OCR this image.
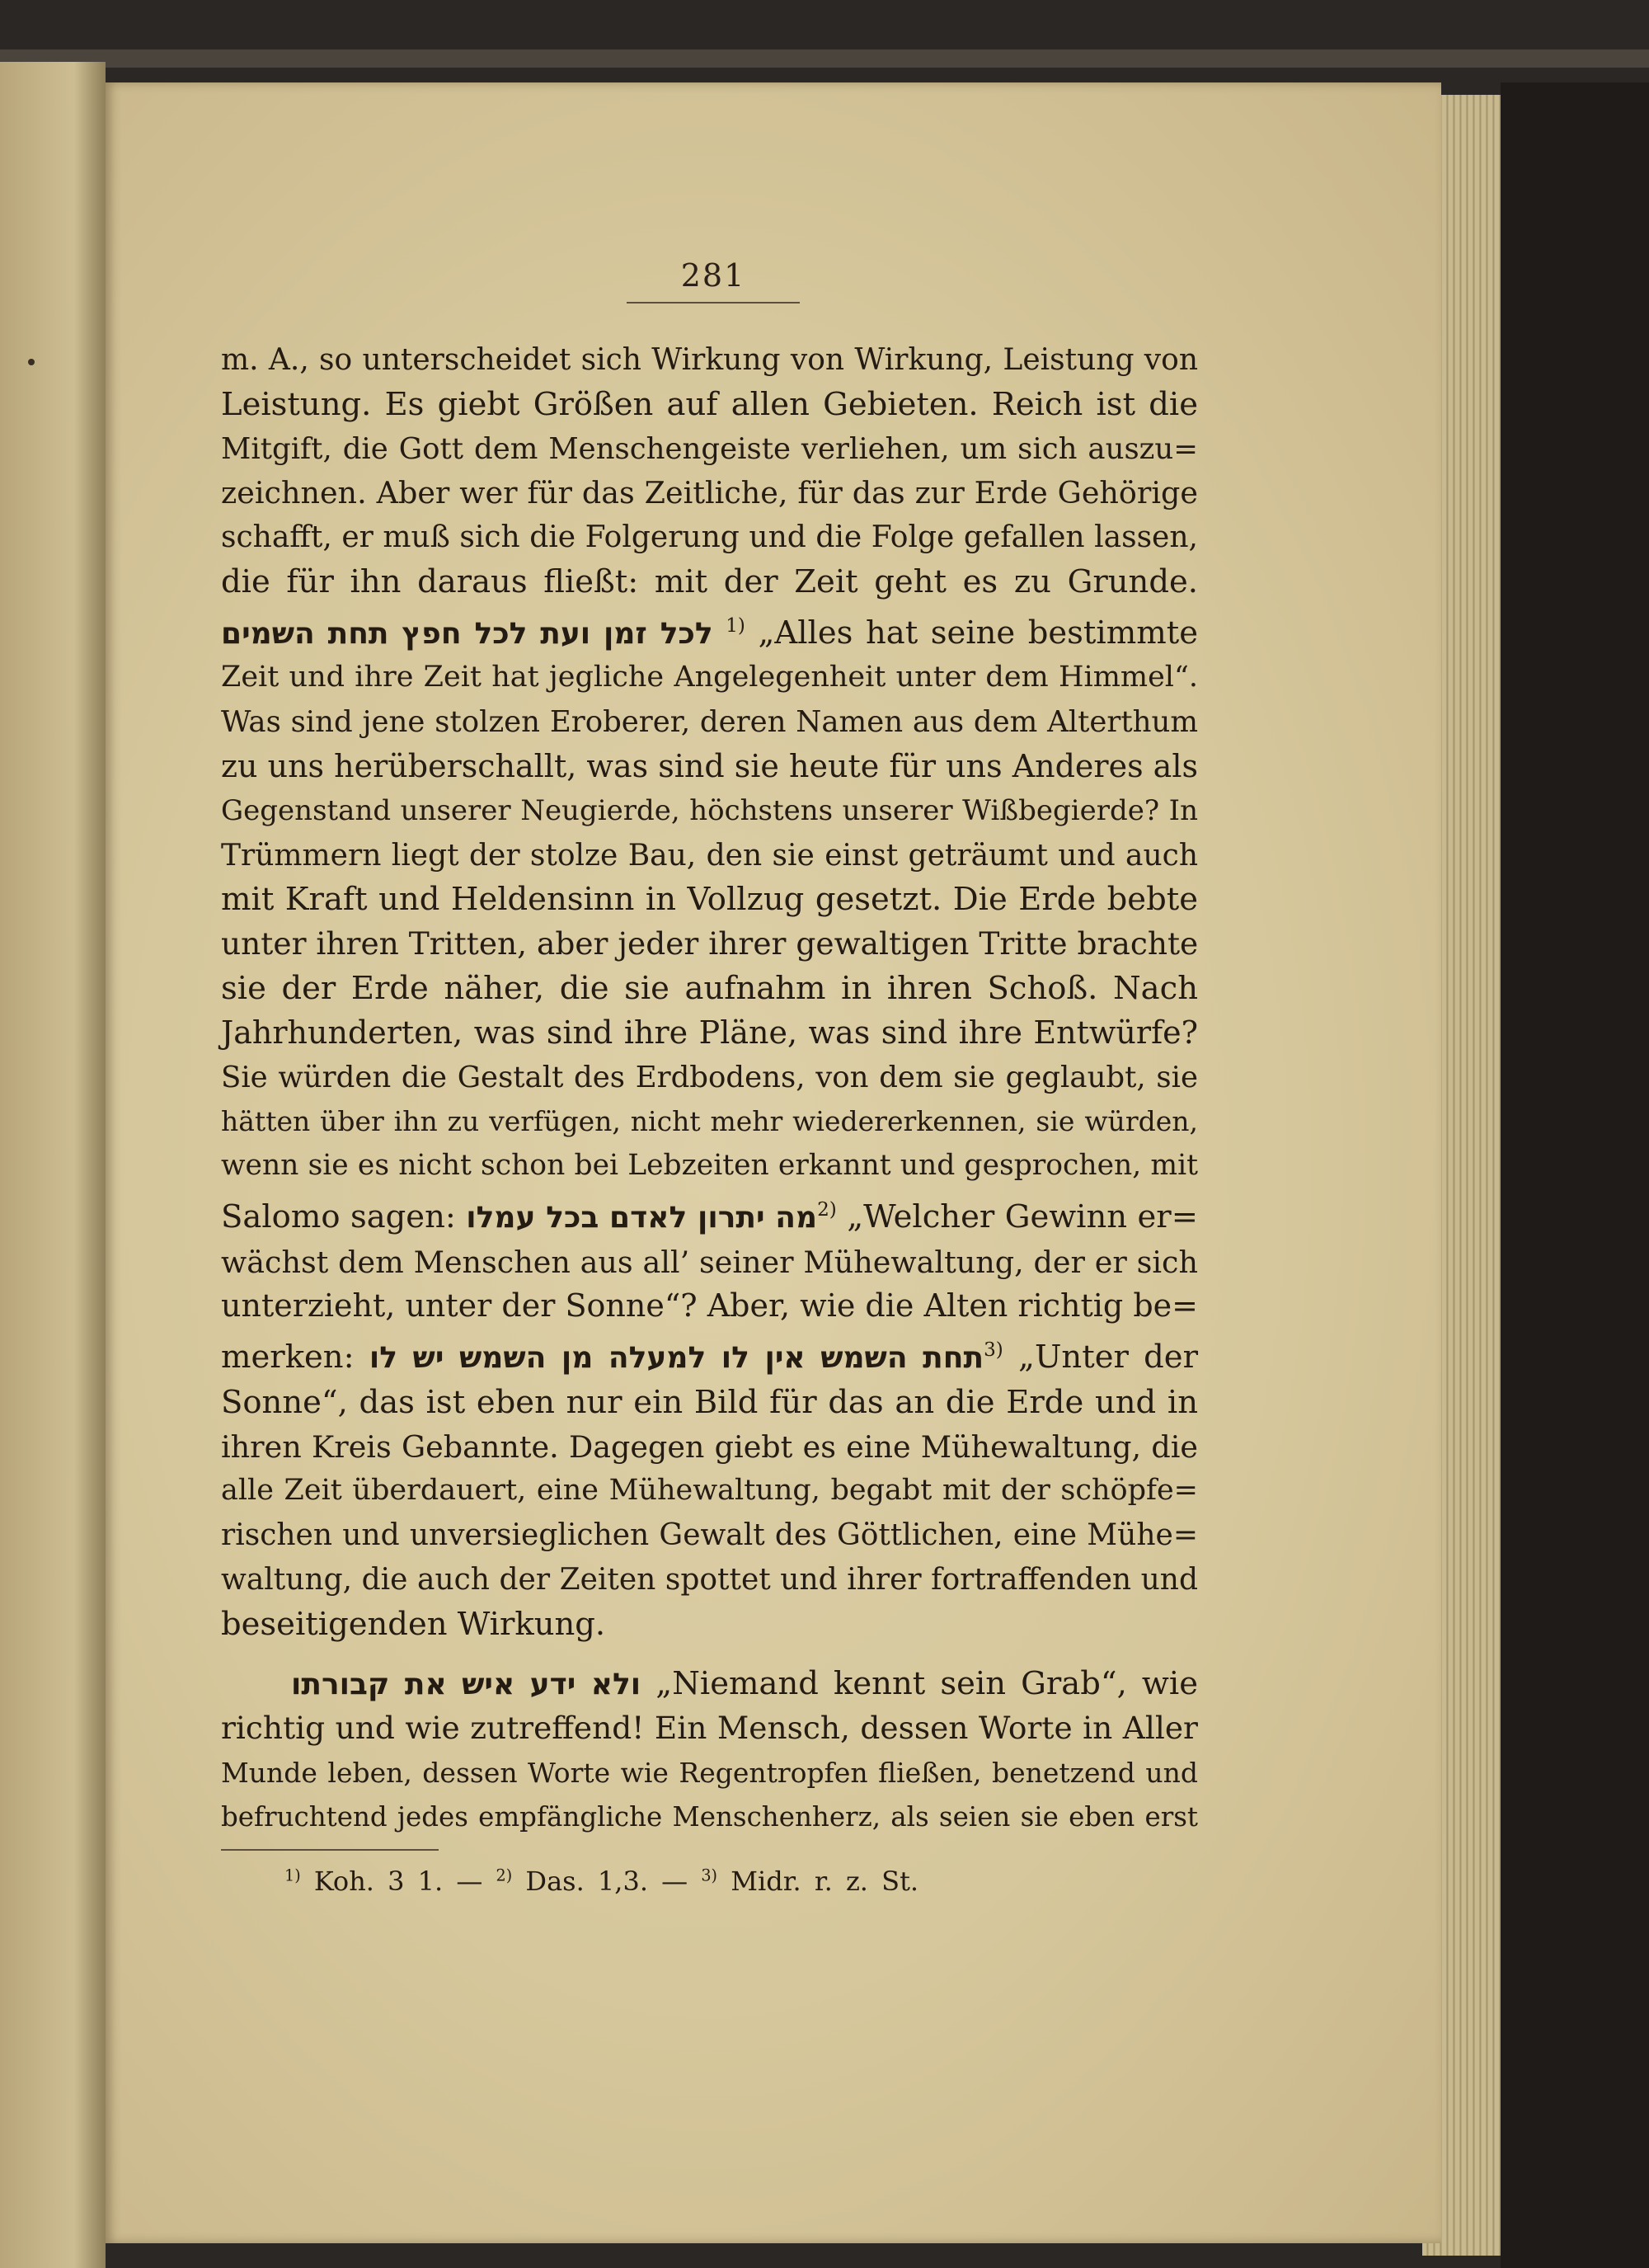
281
m. A., so unterscheidet sich Wirkung von Wirkung, Leistung von
Leistung. Es giebt Größen auf allen Gebieten. Reich ist die
Mitgift, die Gott dem Menschengeiste verliehen, um sich auszu=
zeichnen. Aber wer für das Zeitliche, für das zur Erde Gehörige
schafft, er muß sich die Folgerung und die Folge gefallen lassen,
die für ihn daraus fließt: mit der Zeit geht es zu Grunde.
לכל זמן ועת לכל חפץ תחת השמים $^{1)}$ „Alles hat seine bestimmte
Zeit und ihre Zeit hat jegliche Angelegenheit unter dem Himmel“.
Was sind jene stolzen Eroberer, deren Namen aus dem Alterthum
zu uns herüberschallt, was sind sie heute für uns Anderes als
Gegenstand unserer Neugierde, höchstens unserer Wißbegierde? In
Trümmern liegt der stolze Bau, den sie einst geträumt und auch
mit Kraft und Heldensinn in Vollzug gesetzt. Die Erde bebte
unter ihren Tritten, aber jeder ihrer gewaltigen Tritte brachte
sie der Erde näher, die sie aufnahm in ihren Schoß. Nach
Jahrhunderten, was sind ihre Pläne, was sind ihre Entwürfe?
Sie würden die Gestalt des Erdbodens, von dem sie geglaubt, sie
hätten über ihn zu verfügen, nicht mehr wiedererkennen, sie würden,
wenn sie es nicht schon bei Lebzeiten erkannt und gesprochen, mit
Salomo sagen: מה יתרון לאדם בכל עמלו$^{2)}$ „Welcher Gewinn er=
wächst dem Menschen aus all’ seiner Mühewaltung, der er sich
unterzieht, unter der Sonne“? Aber, wie die Alten richtig be=
merken: תחת השמש אין לו למעלה מן השמש יש לו$^{3)}$ „Unter der
Sonne“, das ist eben nur ein Bild für das an die Erde und in
ihren Kreis Gebannte. Dagegen giebt es eine Mühewaltung, die
alle Zeit überdauert, eine Mühewaltung, begabt mit der schöpfe=
rischen und unversieglichen Gewalt des Göttlichen, eine Mühe=
waltung, die auch der Zeiten spottet und ihrer fortraffenden und
beseitigenden Wirkung.
ולא ידע איש את קבורתו „Niemand kennt sein Grab“, wie
richtig und wie zutreffend! Ein Mensch, dessen Worte in Aller
Munde leben, dessen Worte wie Regentropfen fließen, benetzend und
befruchtend jedes empfängliche Menschenherz, als seien sie eben erst
$^{1)}$ Koh. 3 1. — $^{2)}$ Das. 1,3. — $^{3)}$ Midr. r. z. St.
